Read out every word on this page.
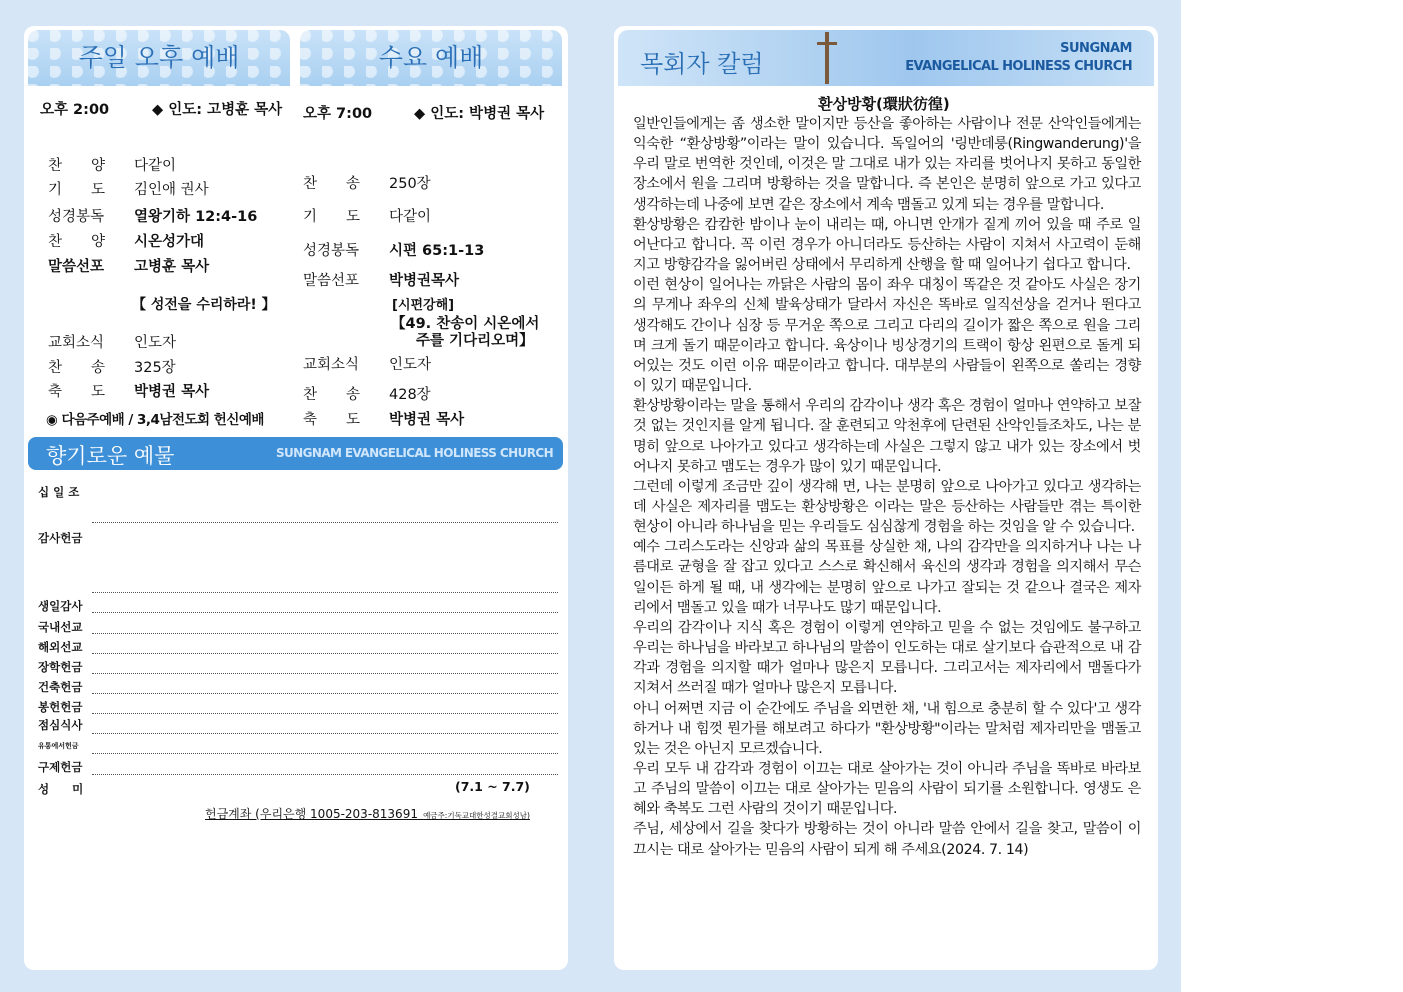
주일 오후 예배	수요 예배
오후 2:00	◆ 인도: 고병훈 목사
찬　　양 다같이
기　　도 김인애 권사
성경봉독 열왕기하 12:4-16
찬　　양 시온성가대
말씀선포 고병훈 목사
【 성전을 수리하라! 】
교회소식 인도자
찬　　송 325장
축　　도 박병권 목사
◉ 다음주예배 / 3,4남전도회 헌신예배
오후 7:00	◆ 인도: 박병권 목사
찬　　송 250장
기　　도 다같이
성경봉독 시편 65:1-13
말씀선포 박병권목사
[시편강해]
【49. 찬송이 시온에서
주를 기다리오며】
교회소식 인도자
찬　　송 428장
축　　도 박병권 목사
향기로운 예물	SUNGNAM EVANGELICAL HOLINESS CHURCH
십 일 조
감사헌금
생일감사
국내선교
해외선교
장학헌금
건축헌금
봉헌헌금
점심식사
유통에서헌금
구제헌금
성　　미	(7.1 ~ 7.7)
헌금계좌 (우리은행 1005-203-813691 예금주:기독교대한성결교회성남)
목회자 칼럼
SUNGNAM
EVANGELICAL HOLINESS CHURCH
환상방황(環狀彷徨)

일반인들에게는 좀 생소한 말이지만 등산을 좋아하는 사람이나 전문 산악인들에게는 익숙한 “환상방황”이라는 말이 있습니다. 독일어의 '링반데룽(Ringwanderung)'을 우리 말로 번역한 것인데, 이것은 말 그대로 내가 있는 자리를 벗어나지 못하고 동일한 장소에서 원을 그리며 방황하는 것을 말합니다. 즉 본인은 분명히 앞으로 가고 있다고 생각하는데 나중에 보면 같은 장소에서 계속 맴돌고 있게 되는 경우를 말합니다.

환상방황은 캄캄한 밤이나 눈이 내리는 때, 아니면 안개가 짙게 끼어 있을 때 주로 일어난다고 합니다. 꼭 이런 경우가 아니더라도 등산하는 사람이 지쳐서 사고력이 둔해지고 방향감각을 잃어버린 상태에서 무리하게 산행을 할 때 일어나기 쉽다고 합니다.

이런 현상이 일어나는 까닭은 사람의 몸이 좌우 대칭이 똑같은 것 같아도 사실은 장기의 무게나 좌우의 신체 발육상태가 달라서 자신은 똑바로 일직선상을 걷거나 뛴다고 생각해도 간이나 심장 등 무거운 쪽으로 그리고 다리의 길이가 짧은 쪽으로 원을 그리며 크게 돌기 때문이라고 합니다. 육상이나 빙상경기의 트랙이 항상 왼편으로 돌게 되어있는 것도 이런 이유 때문이라고 합니다. 대부분의 사람들이 왼쪽으로 쏠리는 경향이 있기 때문입니다.

환상방황이라는 말을 통해서 우리의 감각이나 생각 혹은 경험이 얼마나 연약하고 보잘 것 없는 것인지를 알게 됩니다. 잘 훈련되고 악천후에 단련된 산악인들조차도, 나는 분명히 앞으로 나아가고 있다고 생각하는데 사실은 그렇지 않고 내가 있는 장소에서 벗어나지 못하고 맴도는 경우가 많이 있기 때문입니다.

그런데 이렇게 조금만 깊이 생각해 면, 나는 분명히 앞으로 나아가고 있다고 생각하는데 사실은 제자리를 맴도는 환상방황은 이라는 말은 등산하는 사람들만 겪는 특이한 현상이 아니라 하나님을 믿는 우리들도 심심찮게 경험을 하는 것임을 알 수 있습니다.

예수 그리스도라는 신앙과 삶의 목표를 상실한 채, 나의 감각만을 의지하거나 나는 나름대로 균형을 잘 잡고 있다고 스스로 확신해서 육신의 생각과 경험을 의지해서 무슨 일이든 하게 될 때, 내 생각에는 분명히 앞으로 나가고 잘되는 것 같으나 결국은 제자리에서 맴돌고 있을 때가 너무나도 많기 때문입니다.

우리의 감각이나 지식 혹은 경험이 이렇게 연약하고 믿을 수 없는 것임에도 불구하고 우리는 하나님을 바라보고 하나님의 말씀이 인도하는 대로 살기보다 습관적으로 내 감각과 경험을 의지할 때가 얼마나 많은지 모릅니다. 그리고서는 제자리에서 맴돌다가 지쳐서 쓰러질 때가 얼마나 많은지 모릅니다.

아니 어쩌면 지금 이 순간에도 주님을 외면한 채, '내 힘으로 충분히 할 수 있다'고 생각하거나 내 힘껏 뭔가를 해보려고 하다가 "환상방황"이라는 말처럼 제자리만을 맴돌고 있는 것은 아닌지 모르겠습니다.

우리 모두 내 감각과 경험이 이끄는 대로 살아가는 것이 아니라 주님을 똑바로 바라보고 주님의 말씀이 이끄는 대로 살아가는 믿음의 사람이 되기를 소원합니다. 영생도 은혜와 축복도 그런 사람의 것이기 때문입니다.

주님, 세상에서 길을 찾다가 방황하는 것이 아니라 말씀 안에서 길을 찾고, 말씀이 이끄시는 대로 살아가는 믿음의 사람이 되게 해 주세요(2024. 7. 14)
